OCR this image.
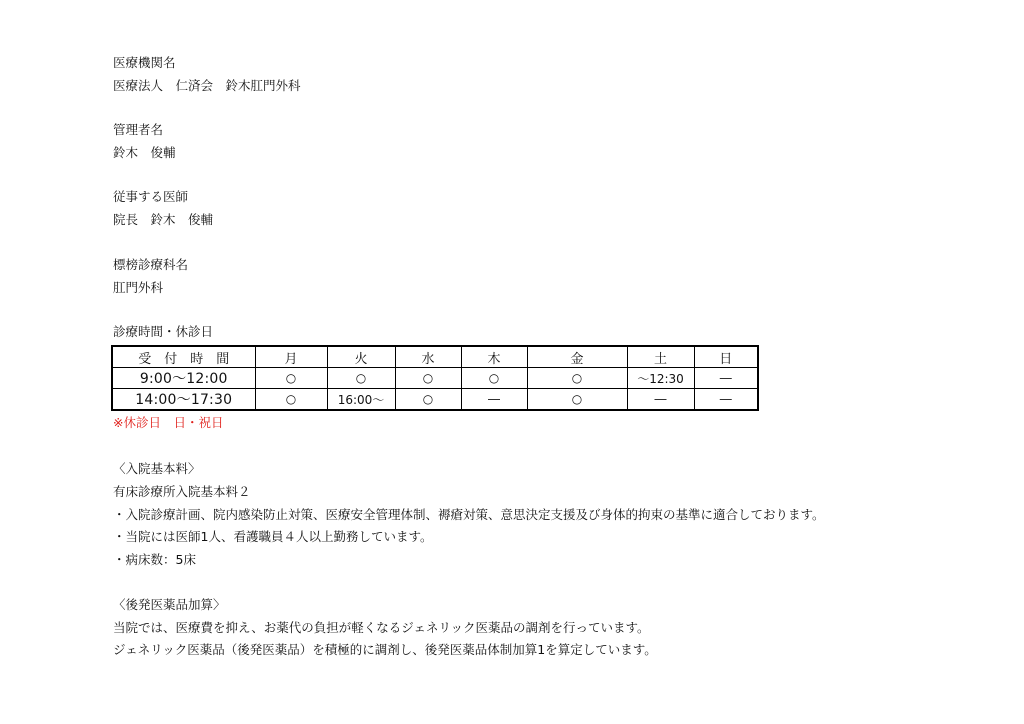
医療機関名
医療法人　仁済会　鈴木肛門外科
管理者名
鈴木　俊輔
従事する医師
院長　鈴木　俊輔
標榜診療科名
肛門外科
診療時間・休診日
受　付　時　間	月	火	水	木	金	土	日
9:00～12:00	○	○	○	○	○	～12:30	―
14:00～17:30	○	16:00～	○	―	○	―	―
※休診日　日・祝日
〈入院基本料〉
有床診療所入院基本料２
・入院診療計画、院内感染防止対策、医療安全管理体制、褥瘡対策、意思決定支援及び身体的拘束の基準に適合しております。
・当院には医師1人、看護職員４人以上勤務しています。
・病床数：5床
〈後発医薬品加算〉
当院では、医療費を抑え、お薬代の負担が軽くなるジェネリック医薬品の調剤を行っています。
ジェネリック医薬品（後発医薬品）を積極的に調剤し、後発医薬品体制加算1を算定しています。
